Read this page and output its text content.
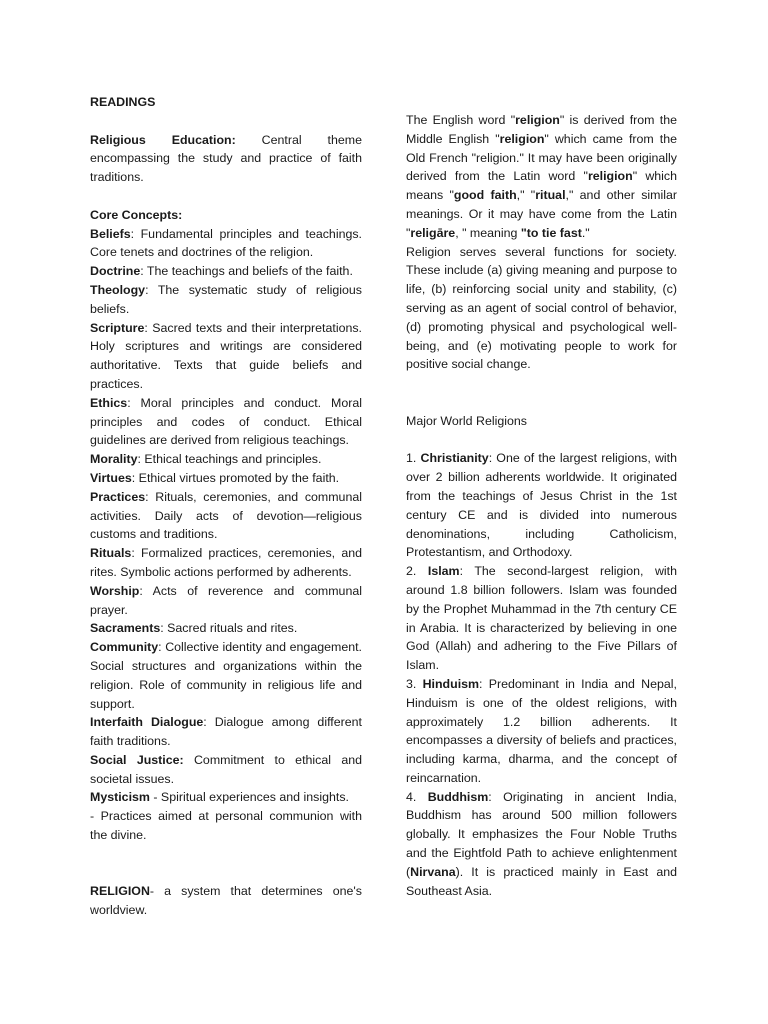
READINGS

Religious Education: Central theme encompassing the study and practice of faith traditions.

Core Concepts:

Beliefs: Fundamental principles and teachings. Core tenets and doctrines of the religion.

Doctrine: The teachings and beliefs of the faith.

Theology: The systematic study of religious beliefs.

Scripture: Sacred texts and their interpretations. Holy scriptures and writings are considered authoritative. Texts that guide beliefs and practices.

Ethics: Moral principles and conduct. Moral principles and codes of conduct. Ethical guidelines are derived from religious teachings.

Morality: Ethical teachings and principles.

Virtues: Ethical virtues promoted by the faith.

Practices: Rituals, ceremonies, and communal activities. Daily acts of devotion—religious customs and traditions.

Rituals: Formalized practices, ceremonies, and rites. Symbolic actions performed by adherents.

Worship: Acts of reverence and communal prayer.

Sacraments: Sacred rituals and rites.

Community: Collective identity and engagement. Social structures and organizations within the religion. Role of community in religious life and support.

Interfaith Dialogue: Dialogue among different faith traditions.

Social Justice: Commitment to ethical and societal issues.

Mysticism - Spiritual experiences and insights.

- Practices aimed at personal communion with the divine.

RELIGION- a system that determines one's worldview.

The English word "religion" is derived from the Middle English "religion" which came from the Old French "religion." It may have been originally derived from the Latin word "religion" which means "good faith," "ritual," and other similar meanings. Or it may have come from the Latin "religāre, " meaning "to tie fast."

Religion serves several functions for society. These include (a) giving meaning and purpose to life, (b) reinforcing social unity and stability, (c) serving as an agent of social control of behavior, (d) promoting physical and psychological well-being, and (e) motivating people to work for positive social change.

Major World Religions

1. Christianity: One of the largest religions, with over 2 billion adherents worldwide. It originated from the teachings of Jesus Christ in the 1st century CE and is divided into numerous denominations, including Catholicism, Protestantism, and Orthodoxy.

2. Islam: The second-largest religion, with around 1.8 billion followers. Islam was founded by the Prophet Muhammad in the 7th century CE in Arabia. It is characterized by believing in one God (Allah) and adhering to the Five Pillars of Islam.

3. Hinduism: Predominant in India and Nepal, Hinduism is one of the oldest religions, with approximately 1.2 billion adherents. It encompasses a diversity of beliefs and practices, including karma, dharma, and the concept of reincarnation.

4. Buddhism: Originating in ancient India, Buddhism has around 500 million followers globally. It emphasizes the Four Noble Truths and the Eightfold Path to achieve enlightenment (Nirvana). It is practiced mainly in East and Southeast Asia.
